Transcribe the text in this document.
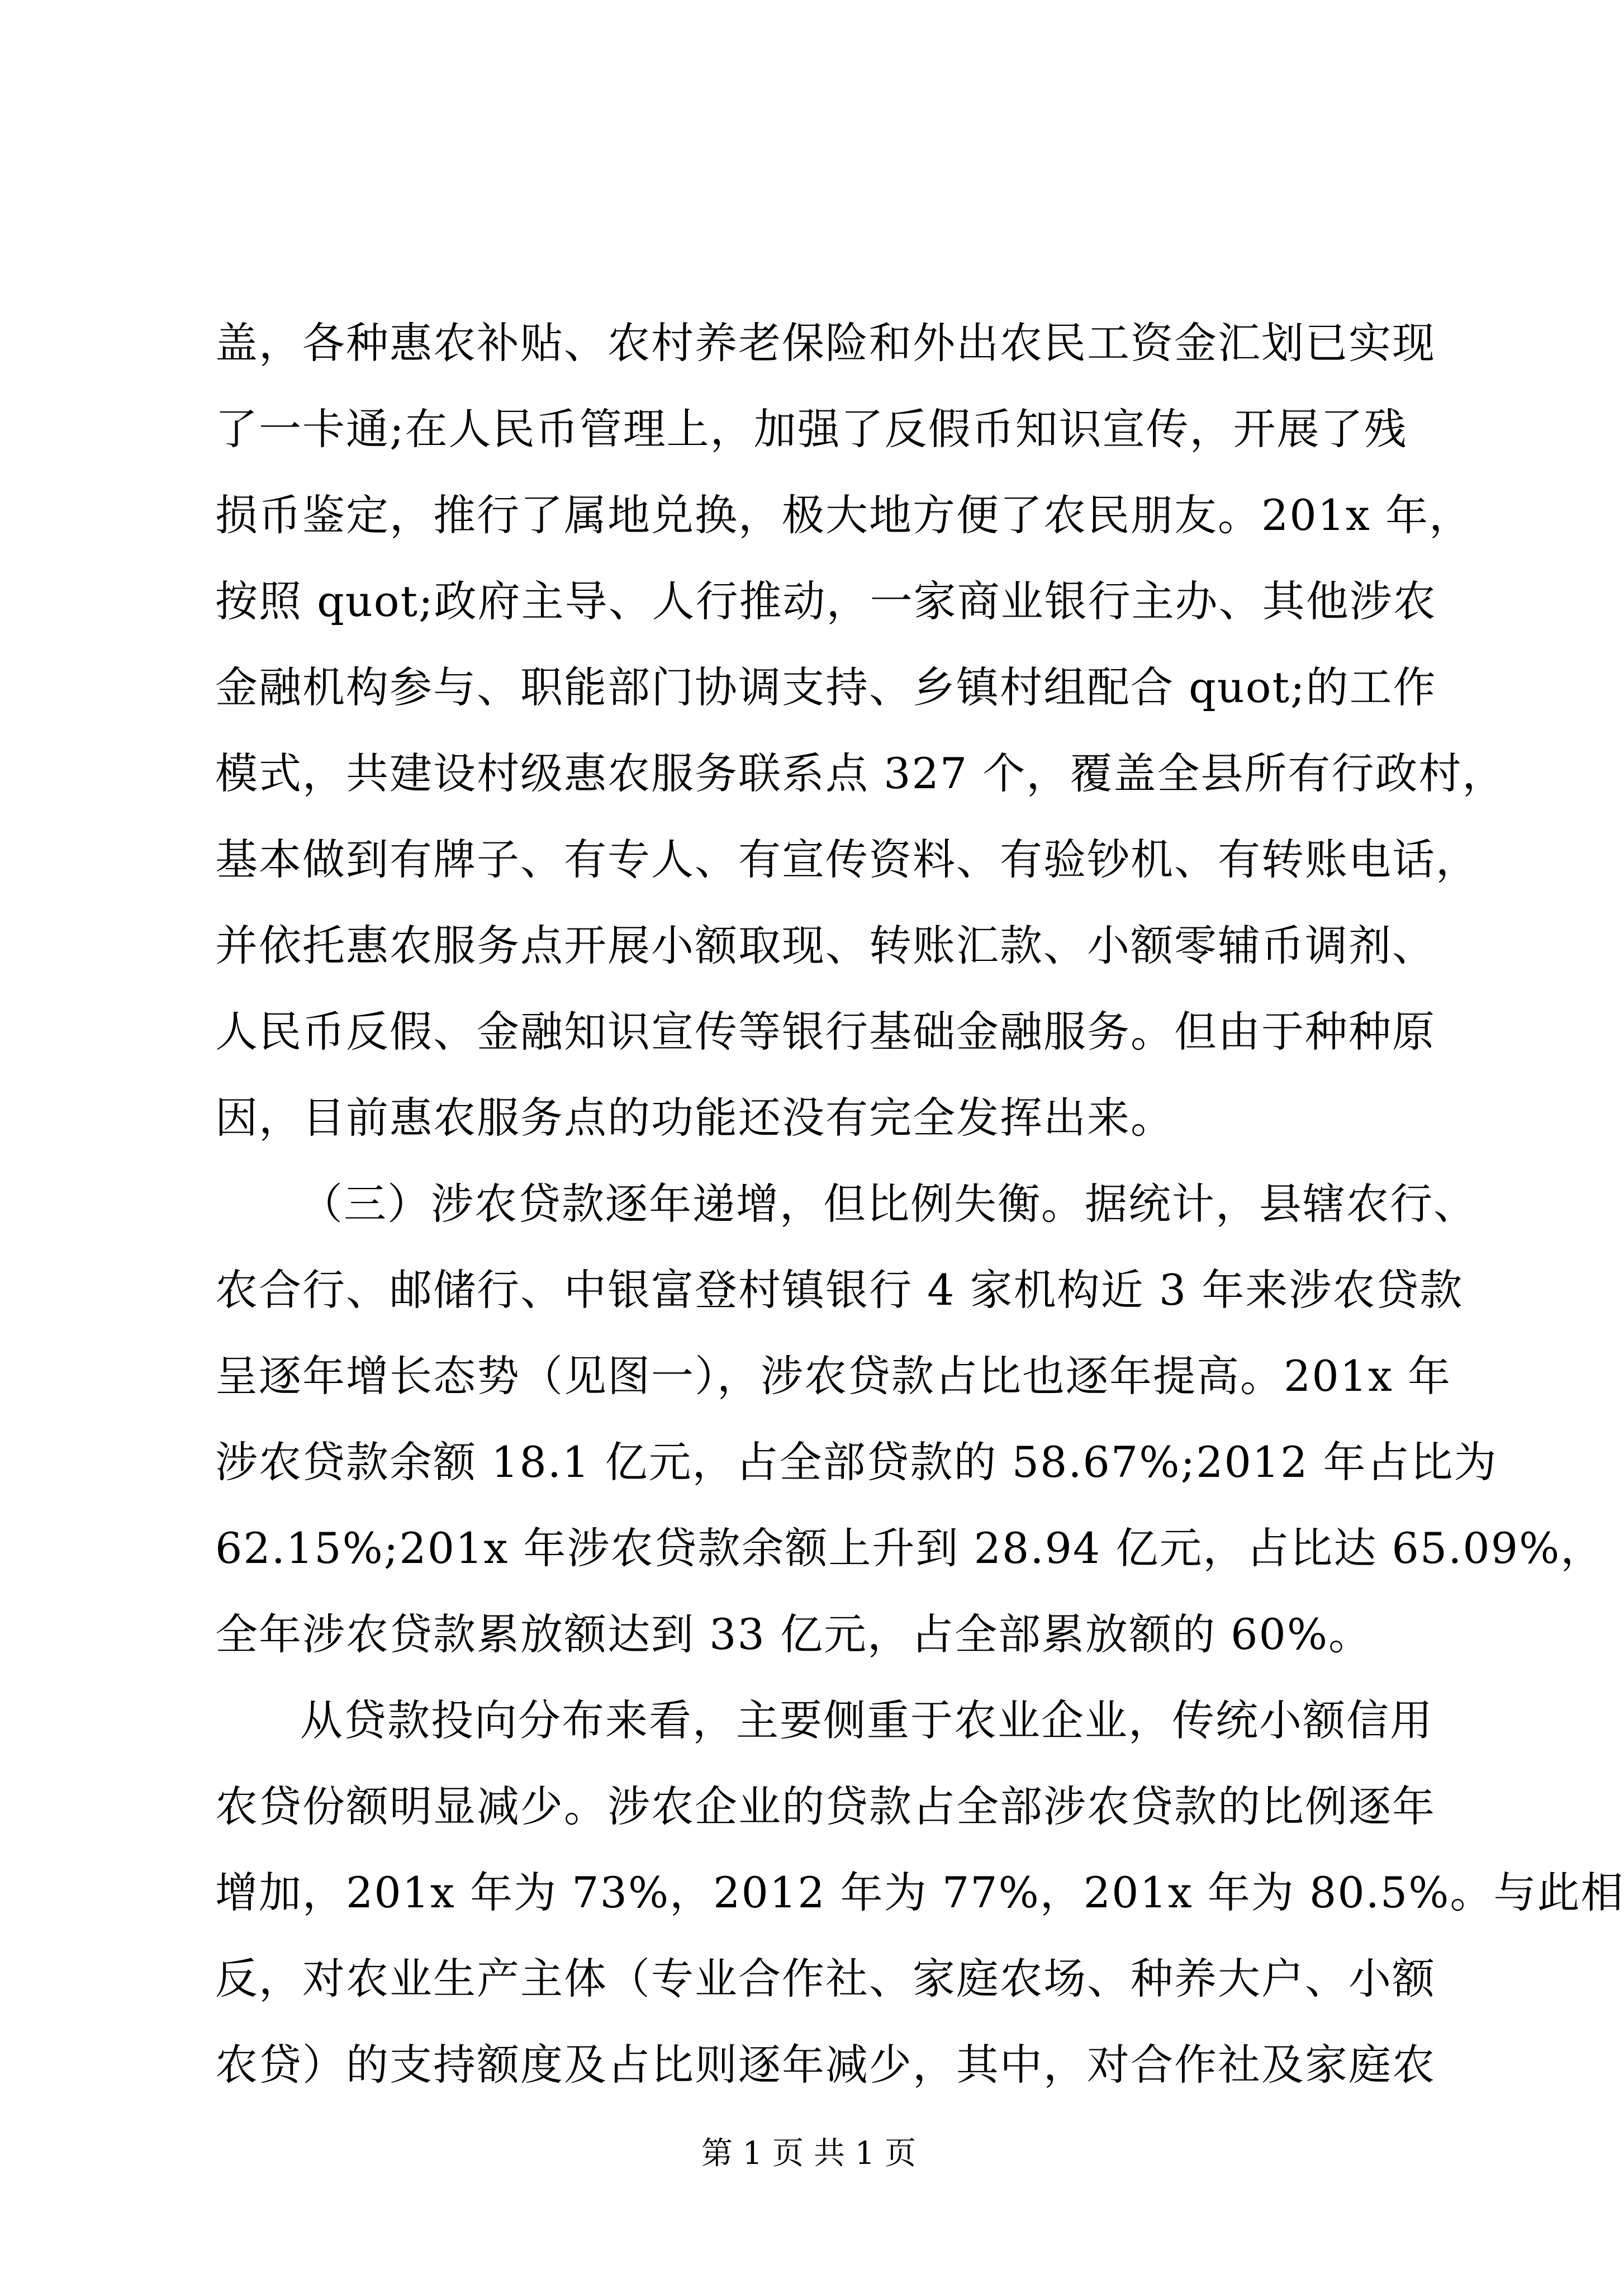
盖，各种惠农补贴、农村养老保险和外出农民工资金汇划已实现
了一卡通;在人民币管理上，加强了反假币知识宣传，开展了残
损币鉴定，推行了属地兑换，极大地方便了农民朋友。201x 年，
按照 quot;政府主导、人行推动，一家商业银行主办、其他涉农
金融机构参与、职能部门协调支持、乡镇村组配合 quot;的工作
模式，共建设村级惠农服务联系点 327 个，覆盖全县所有行政村，
基本做到有牌子、有专人、有宣传资料、有验钞机、有转账电话，
并依托惠农服务点开展小额取现、转账汇款、小额零辅币调剂、
人民币反假、金融知识宣传等银行基础金融服务。但由于种种原
因，目前惠农服务点的功能还没有完全发挥出来。
（三）涉农贷款逐年递增，但比例失衡。据统计，县辖农行、
农合行、邮储行、中银富登村镇银行 4 家机构近 3 年来涉农贷款
呈逐年增长态势（见图一），涉农贷款占比也逐年提高。201x 年
涉农贷款余额 18.1 亿元，占全部贷款的 58.67%;2012 年占比为
62.15%;201x 年涉农贷款余额上升到 28.94 亿元，占比达 65.09%，
全年涉农贷款累放额达到 33 亿元，占全部累放额的 60%。
从贷款投向分布来看，主要侧重于农业企业，传统小额信用
农贷份额明显减少。涉农企业的贷款占全部涉农贷款的比例逐年
增加，201x 年为 73%，2012 年为 77%，201x 年为 80.5%。与此相
反，对农业生产主体（专业合作社、家庭农场、种养大户、小额
农贷）的支持额度及占比则逐年减少，其中，对合作社及家庭农
第 1 页 共 1 页
